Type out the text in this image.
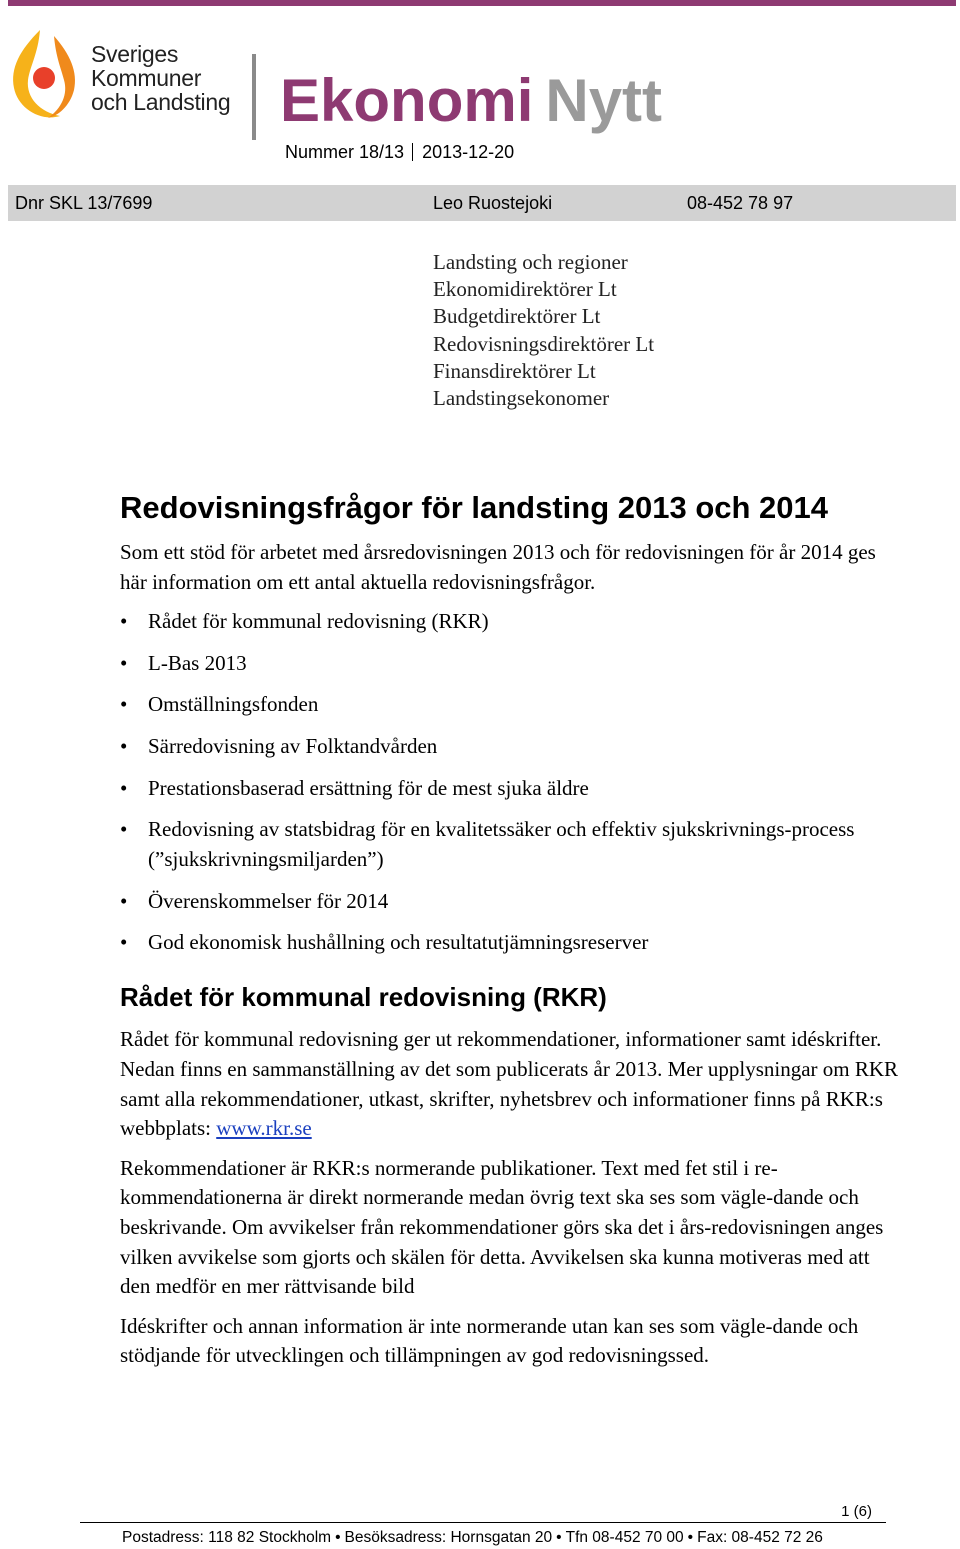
Sveriges
Kommuner
och Landsting Ekonomi Nytt
Nummer 18/13 2013-12-20
Dnr SKL 13/7699	Leo Ruostejoki	08-452 78 97
Landsting och regioner
Ekonomidirektörer Lt
Budgetdirektörer Lt
Redovisningsdirektörer Lt
Finansdirektörer Lt
Landstingsekonomer
Redovisningsfrågor för landsting 2013 och 2014

Som ett stöd för arbetet med årsredovisningen 2013 och för redovisningen för år 2014 ges här information om ett antal aktuella redovisningsfrågor.

• Rådet för kommunal redovisning (RKR)
• L-Bas 2013
• Omställningsfonden
• Särredovisning av Folktandvården
• Prestationsbaserad ersättning för de mest sjuka äldre
• Redovisning av statsbidrag för en kvalitetssäker och effektiv sjukskrivnings-process (”sjukskrivningsmiljarden”)
• Överenskommelser för 2014
• God ekonomisk hushållning och resultatutjämningsreserver
Rådet för kommunal redovisning (RKR)

Rådet för kommunal redovisning ger ut rekommendationer, informationer samt idéskrifter. Nedan finns en sammanställning av det som publicerats år 2013. Mer upplysningar om RKR samt alla rekommendationer, utkast, skrifter, nyhetsbrev och informationer finns på RKR:s webbplats: www.rkr.se

Rekommendationer är RKR:s normerande publikationer. Text med fet stil i re-kommendationerna är direkt normerande medan övrig text ska ses som vägle-dande och beskrivande. Om avvikelser från rekommendationer görs ska det i års-redovisningen anges vilken avvikelse som gjorts och skälen för detta. Avvikelsen ska kunna motiveras med att den medför en mer rättvisande bild

Idéskrifter och annan information är inte normerande utan kan ses som vägle-dande och stödjande för utvecklingen och tillämpningen av god redovisningssed.

1 (6)
Postadress: 118 82 Stockholm • Besöksadress: Hornsgatan 20 • Tfn 08-452 70 00 • Fax: 08-452 72 26
